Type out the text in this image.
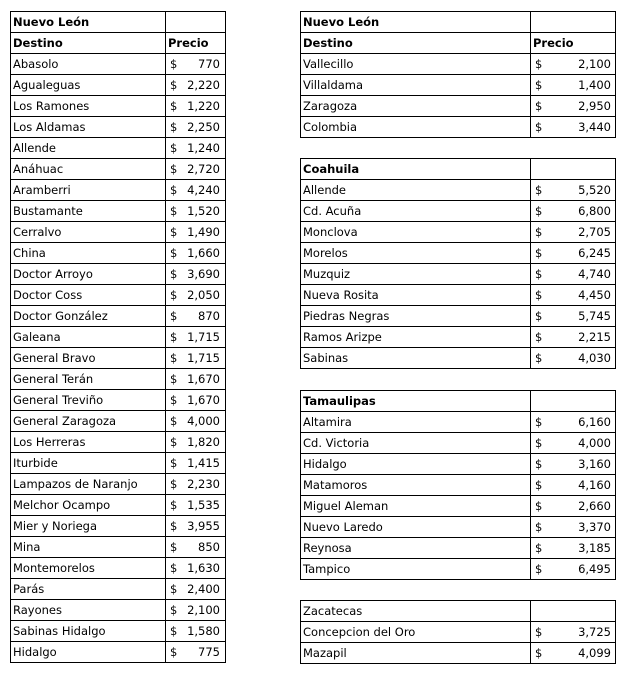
Nuevo León	
Destino	Precio
Abasolo	$ 770

Agualeguas	$ 2,220

Los Ramones	$ 1,220

Los Aldamas	$ 2,250

Allende	$ 1,240

Anáhuac	$ 2,720

Aramberri	$ 4,240

Bustamante	$ 1,520

Cerralvo	$ 1,490

China	$ 1,660

Doctor Arroyo	$ 3,690

Doctor Coss	$ 2,050

Doctor González	$ 870

Galeana	$ 1,715

General Bravo	$ 1,715

General Terán	$ 1,670

General Treviño	$ 1,670

General Zaragoza	$ 4,000

Los Herreras	$ 1,820

Iturbide	$ 1,415

Lampazos de Naranjo	$ 2,230

Melchor Ocampo	$ 1,535

Mier y Noriega	$ 3,955

Mina	$ 850

Montemorelos	$ 1,630

Parás	$ 2,400

Rayones	$ 2,100

Sabinas Hidalgo	$ 1,580

Hidalgo	$ 775
Nuevo León	
Destino	Precio
Vallecillo	$ 2,100

Villaldama	$ 1,400

Zaragoza	$ 2,950

Colombia	$ 3,440

Coahuila	
Allende	$ 5,520

Cd. Acuña	$ 6,800

Monclova	$ 2,705

Morelos	$ 6,245

Muzquiz	$ 4,740

Nueva Rosita	$ 4,450

Piedras Negras	$ 5,745

Ramos Arizpe	$ 2,215

Sabinas	$ 4,030

Tamaulipas	
Altamira	$ 6,160

Cd. Victoria	$ 4,000

Hidalgo	$ 3,160

Matamoros	$ 4,160

Miguel Aleman	$ 2,660

Nuevo Laredo	$ 3,370

Reynosa	$ 3,185

Tampico	$ 6,495

Zacatecas	
Concepcion del Oro	$ 3,725

Mazapil	$ 4,099
